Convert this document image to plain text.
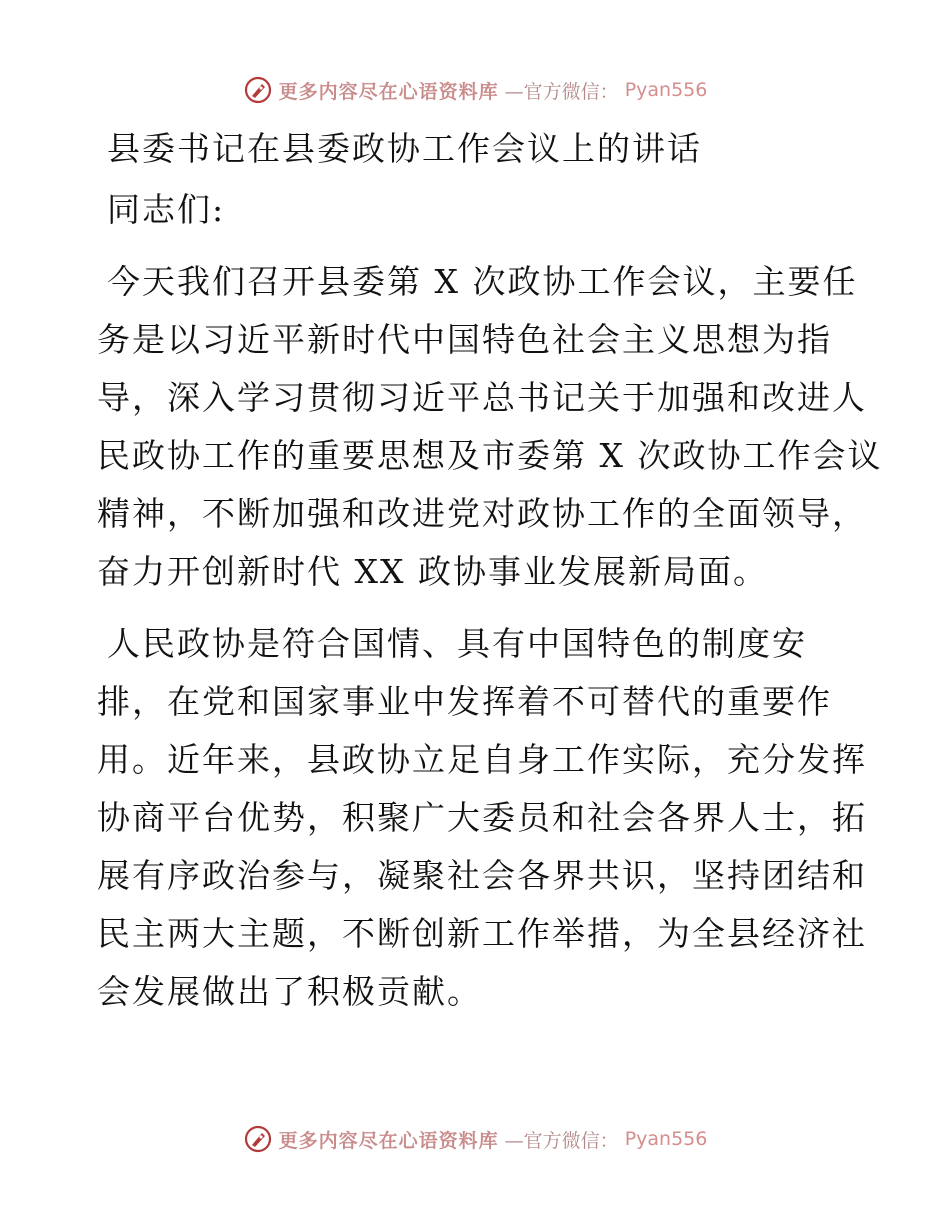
更多内容尽在心语资料库 —官方微信： Pyan556
县委书记在县委政协工作会议上的讲话
同志们:
今天我们召开县委第 X 次政协工作会议，主要任
务是以习近平新时代中国特色社会主义思想为指
导，深入学习贯彻习近平总书记关于加强和改进人
民政协工作的重要思想及市委第 X 次政协工作会议
精神，不断加强和改进党对政协工作的全面领导，
奋力开创新时代 XX 政协事业发展新局面。
人民政协是符合国情、具有中国特色的制度安
排，在党和国家事业中发挥着不可替代的重要作
用。近年来，县政协立足自身工作实际，充分发挥
协商平台优势，积聚广大委员和社会各界人士，拓
展有序政治参与，凝聚社会各界共识，坚持团结和
民主两大主题，不断创新工作举措，为全县经济社
会发展做出了积极贡献。
更多内容尽在心语资料库 —官方微信： Pyan556
